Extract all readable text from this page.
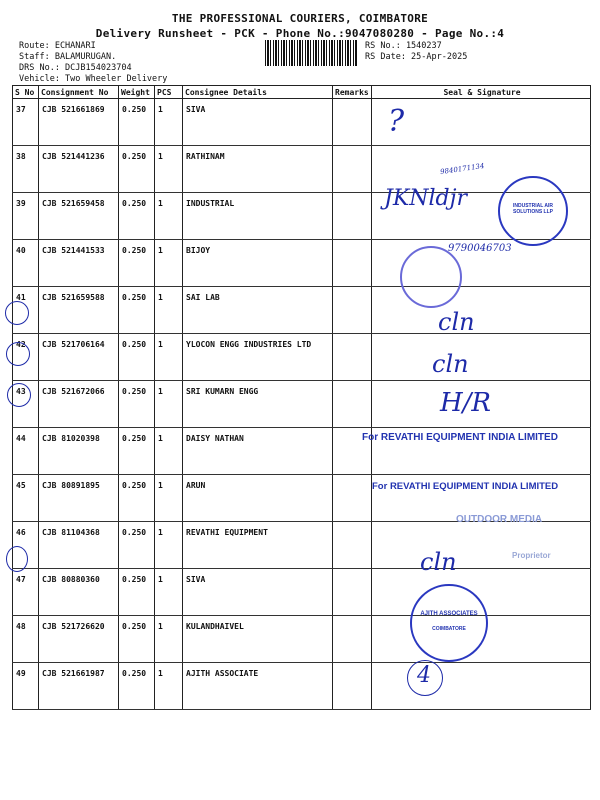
THE PROFESSIONAL COURIERS, COIMBATORE
Delivery Runsheet - PCK - Phone No.:9047080280 - Page No.:4
Route: ECHANARI
Staff: BALAMURUGAN.
DRS No.: DCJB154023704
Vehicle: Two Wheeler Delivery
RS No.: 1540237
RS Date: 25-Apr-2025
S No	Consignment No	Weight	PCS	Consignee Details	Remarks	Seal & Signature
37	CJB 521661869	0.250	1	SIVA		
38	CJB 521441236	0.250	1	RATHINAM		
39	CJB 521659458	0.250	1	INDUSTRIAL		
40	CJB 521441533	0.250	1	BIJOY		
41	CJB 521659588	0.250	1	SAI LAB		
42	CJB 521706164	0.250	1	YLOCON ENGG INDUSTRIES LTD		
43	CJB 521672066	0.250	1	SRI KUMARN ENGG		
44	CJB 81020398	0.250	1	DAISY NATHAN		
45	CJB 80891895	0.250	1	ARUN		
46	CJB 81104368	0.250	1	REVATHI EQUIPMENT		
47	CJB 80880360	0.250	1	SIVA		
48	CJB 521726620	0.250	1	KULANDHAIVEL		
49	CJB 521661987	0.250	1	AJITH ASSOCIATE		
?
9840171134
INDUSTRIAL AIR SOLUTIONS LLP
JKNldjr
9790046703
cln
cln
H/R
For REVATHI EQUIPMENT INDIA LIMITED
For REVATHI EQUIPMENT INDIA LIMITED
OUTDOOR MEDIA
Proprietor
cln
AJITH ASSOCIATES
COIMBATORE
4
